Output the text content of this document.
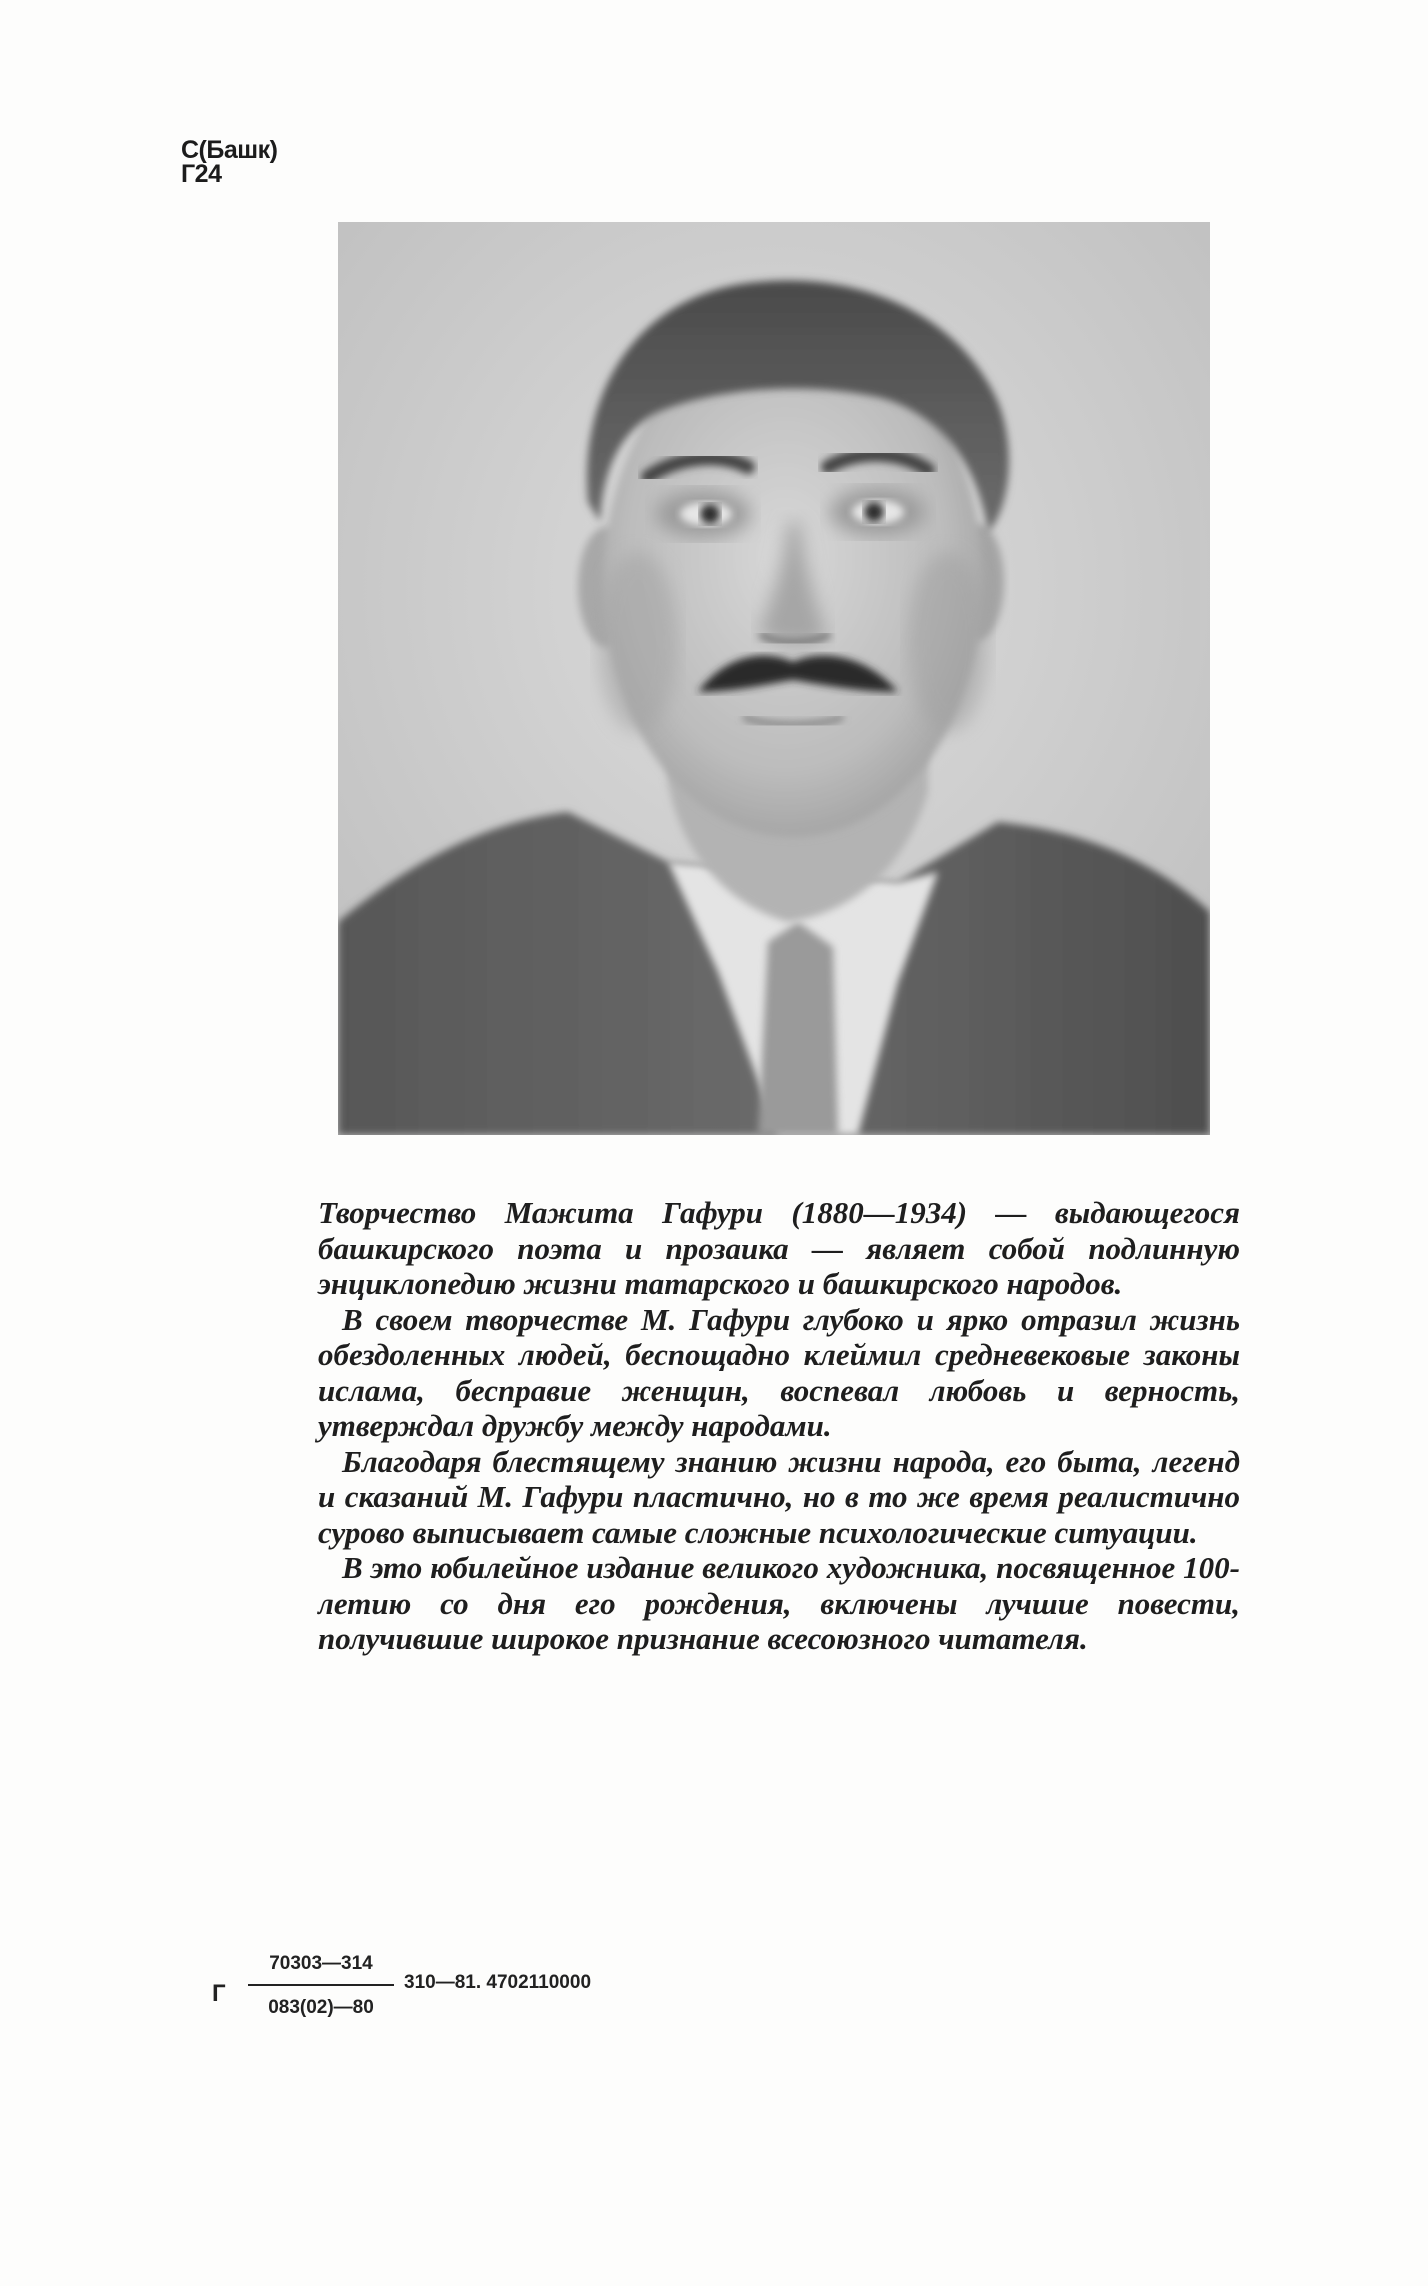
С(Башк)
Г24

Творчество Мажита Гафури (1880—1934) — выдающегося башкирского поэта и прозаика — являет собой подлинную энциклопедию жизни татарского и башкирского народов.

В своем творчестве М. Гафури глубоко и ярко отразил жизнь обездоленных людей, беспощадно клеймил средневековые законы ислама, бесправие женщин, воспевал любовь и верность, утверждал дружбу между народами.

Благодаря блестящему знанию жизни народа, его быта, легенд и сказаний М. Гафури пластично, но в то же время реалистично сурово выписывает самые сложные психологические ситуации.

В это юбилейное издание великого художника, посвященное 100-летию со дня его рождения, включены лучшие повести, получившие широкое признание всесоюзного читателя.

Г
70303—314
083(02)—80
310—81. 4702110000
